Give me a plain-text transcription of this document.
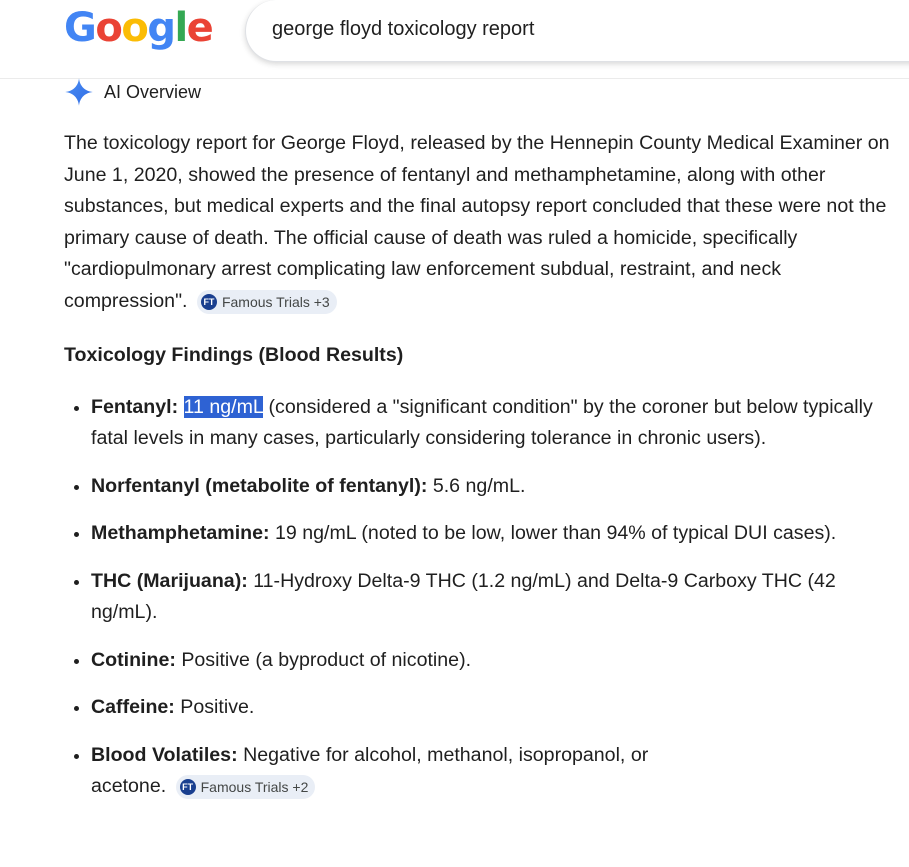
Google
george floyd toxicology report
AI Overview

The toxicology report for George Floyd, released by the Hennepin County Medical Examiner on June 1, 2020, showed the presence of fentanyl and methamphetamine, along with other substances, but medical experts and the final autopsy report concluded that these were not the primary cause of death. The official cause of death was ruled a homicide, specifically "cardiopulmonary arrest complicating law enforcement subdual, restraint, and neck compression". FT Famous Trials +3

Toxicology Findings (Blood Results)
• Fentanyl: 11 ng/mL (considered a "significant condition" by the coroner but below typically fatal levels in many cases, particularly considering tolerance in chronic users).
• Norfentanyl (metabolite of fentanyl): 5.6 ng/mL.
• Methamphetamine: 19 ng/mL (noted to be low, lower than 94% of typical DUI cases).
• THC (Marijuana): 11-Hydroxy Delta-9 THC (1.2 ng/mL) and Delta-9 Carboxy THC (42 ng/mL).
• Cotinine: Positive (a byproduct of nicotine).
• Caffeine: Positive.
• Blood Volatiles: Negative for alcohol, methanol, isopropanol, or acetone. FT Famous Trials +2
